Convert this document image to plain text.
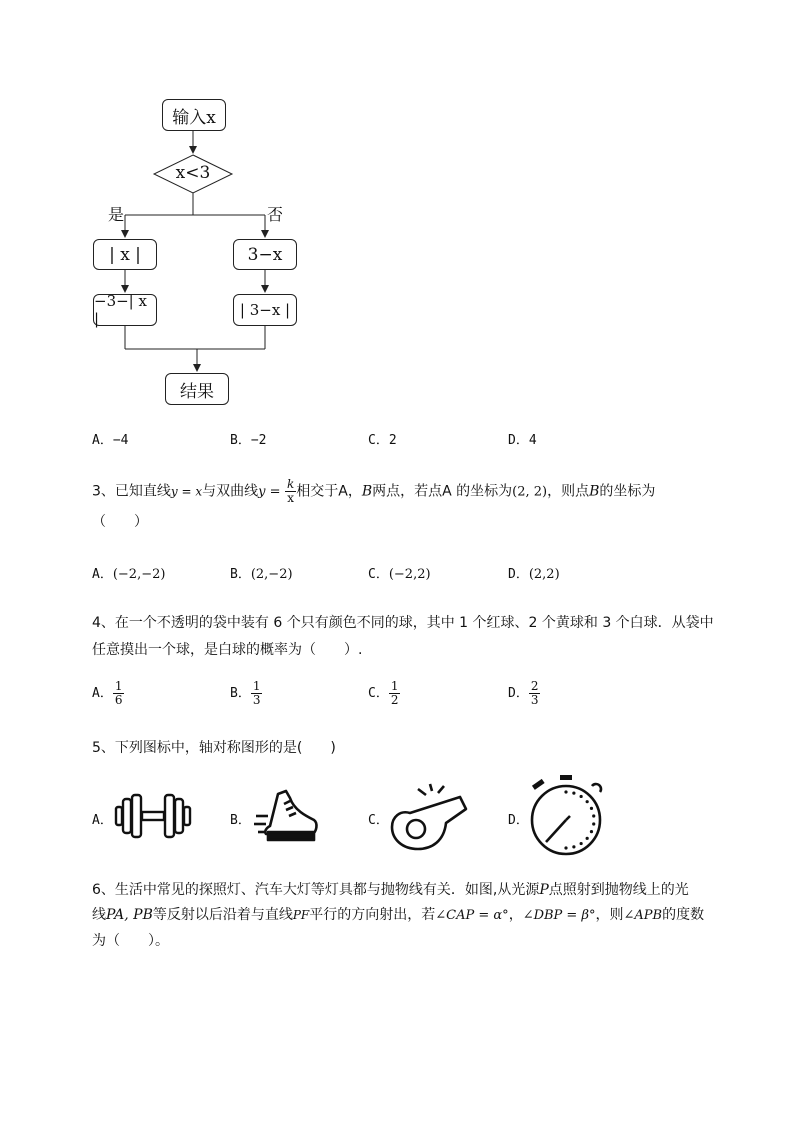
输入x
x<3
是	否
| x |	3−x
−3−| x |	| 3−x |
结果
A．−4	B．−2	C．2	D．4
3、已知直线y = x与双曲线$y = \frac{k}{x}$ 相交于A，B两点，若点A 的坐标为(2, 2)，则点B的坐标为
（　　）
A．(−2,−2)	B．(2,−2)	C．(−2,2)	D．(2,2)
4、在一个不透明的袋中装有 6 个只有颜色不同的球，其中 1 个红球、2 个黄球和 3 个白球．从袋中
任意摸出一个球，是白球的概率为（　　）.
A． $\frac{1}{6}$	B． $\frac{1}{3}$	C． $\frac{1}{2}$	D． $\frac{2}{3}$
5、下列图标中，轴对称图形的是(　　)
A．	B．	C．	D．
6、生活中常见的探照灯、汽车大灯等灯具都与抛物线有关．如图,从光源P点照射到抛物线上的光
线PA, PB等反射以后沿着与直线PF平行的方向射出，若∠CAP = α°，∠DBP = β°，则∠APB的度数
为（　　）。
